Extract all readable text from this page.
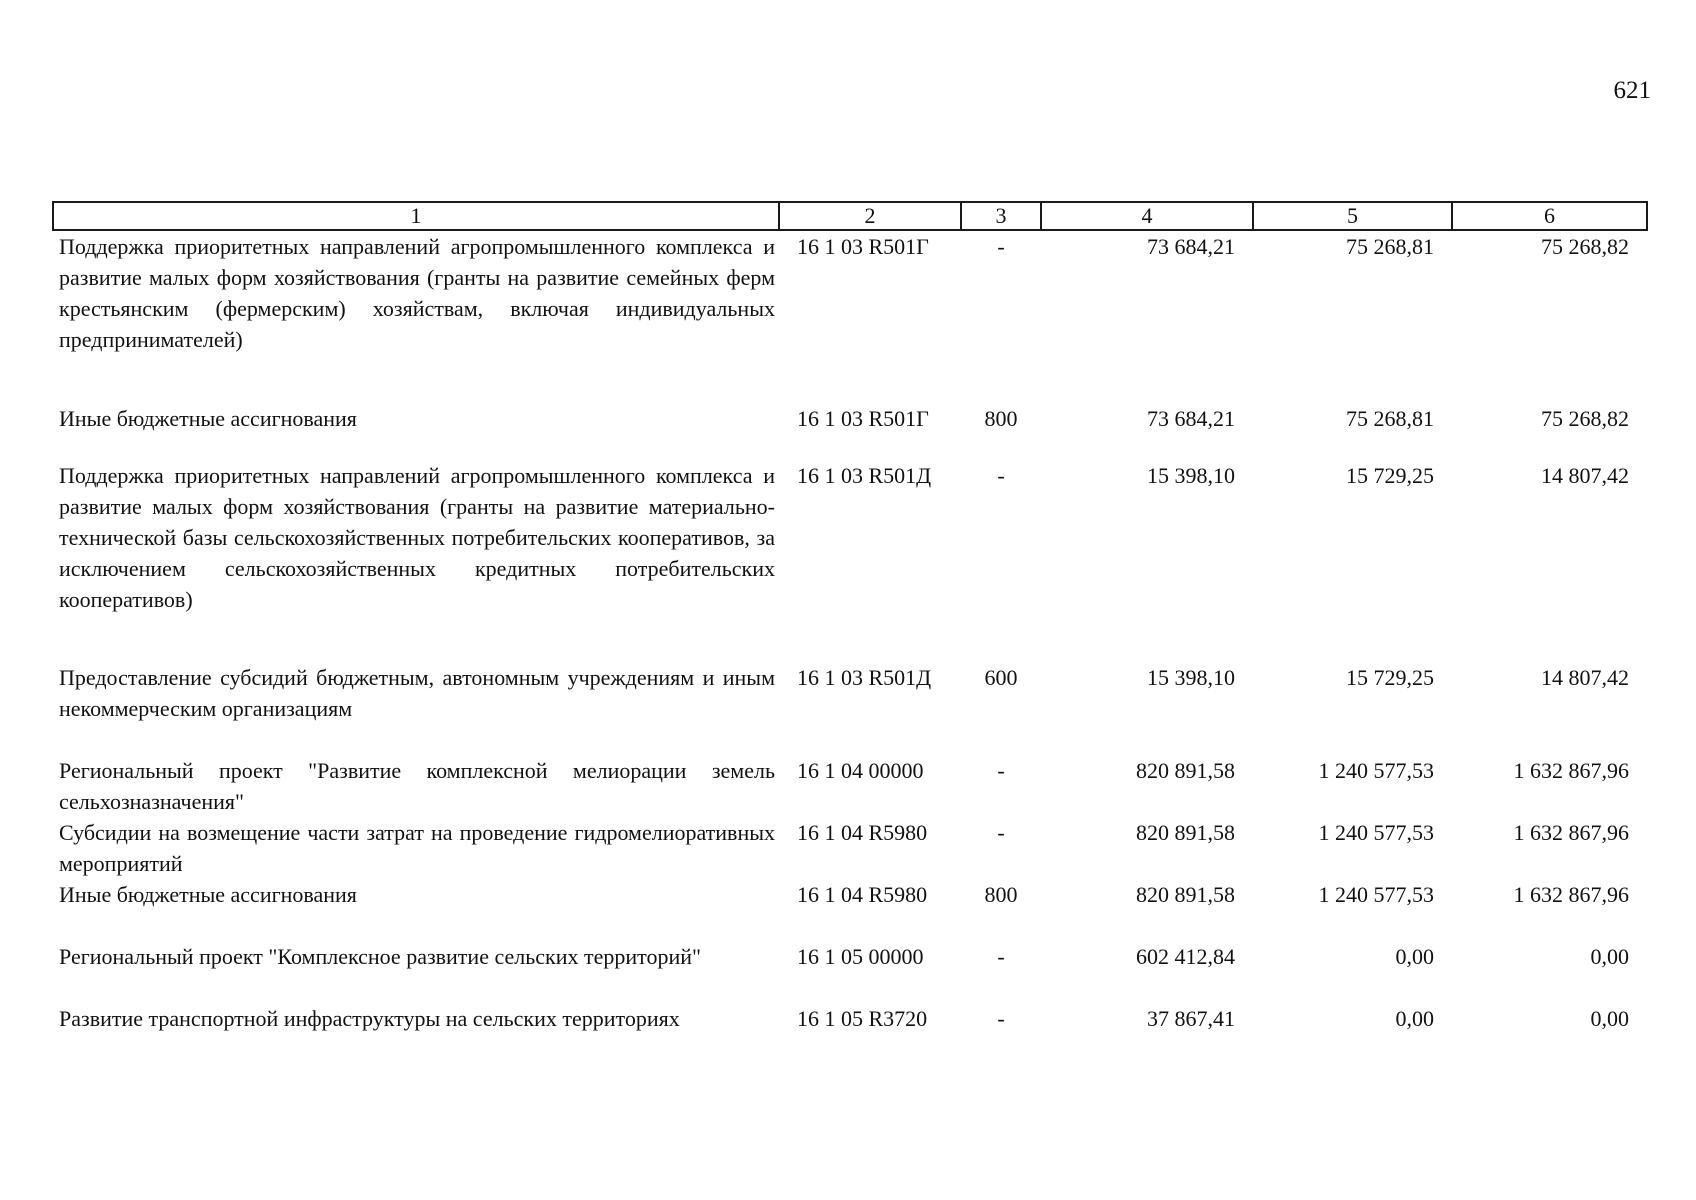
621
1	2	3	4	5	6
Поддержка приоритетных направлений агропромышленного комплекса и развитие малых форм хозяйствования (гранты на развитие семейных ферм крестьянским (фермерским) хозяйствам, включая индивидуальных предпринимателей)	16 1 03 R501Г	-	73 684,21	75 268,81	75 268,82
Иные бюджетные ассигнования	16 1 03 R501Г	800	73 684,21	75 268,81	75 268,82
Поддержка приоритетных направлений агропромышленного комплекса и развитие малых форм хозяйствования (гранты на развитие материально-технической базы сельскохозяйственных потребительских кооперативов, за исключением сельскохозяйственных кредитных потребительских кооперативов)	16 1 03 R501Д	-	15 398,10	15 729,25	14 807,42
Предоставление субсидий бюджетным, автономным учреждениям и иным некоммерческим организациям	16 1 03 R501Д	600	15 398,10	15 729,25	14 807,42
Региональный проект "Развитие комплексной мелиорации земель сельхозназначения"	16 1 04 00000	-	820 891,58	1 240 577,53	1 632 867,96
Субсидии на возмещение части затрат на проведение гидромелиоративных мероприятий	16 1 04 R5980	-	820 891,58	1 240 577,53	1 632 867,96
Иные бюджетные ассигнования	16 1 04 R5980	800	820 891,58	1 240 577,53	1 632 867,96
Региональный проект "Комплексное развитие сельских территорий"	16 1 05 00000	-	602 412,84	0,00	0,00
Развитие транспортной инфраструктуры на сельских территориях	16 1 05 R3720	-	37 867,41	0,00	0,00
